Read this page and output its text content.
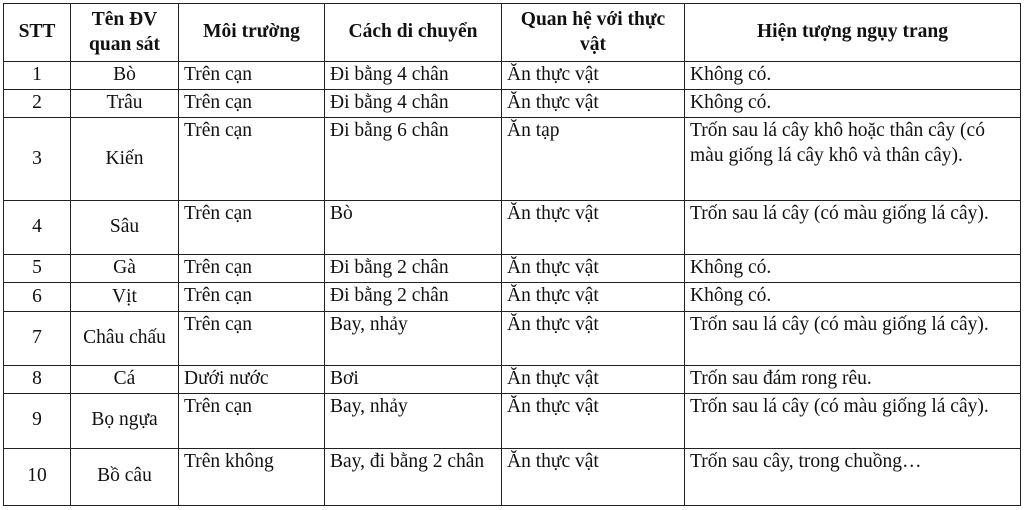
STT	Tên ĐV quan sát	Môi trường	Cách di chuyển	Quan hệ với thực vật	Hiện tượng ngụy trang
1	Bò	Trên cạn	Đi bằng 4 chân	Ăn thực vật	Không có.
2	Trâu	Trên cạn	Đi bằng 4 chân	Ăn thực vật	Không có.
3	Kiến	Trên cạn	Đi bằng 6 chân	Ăn tạp	Trốn sau lá cây khô hoặc thân cây (có màu giống lá cây khô và thân cây).
4	Sâu	Trên cạn	Bò	Ăn thực vật	Trốn sau lá cây (có màu giống lá cây).
5	Gà	Trên cạn	Đi bằng 2 chân	Ăn thực vật	Không có.
6	Vịt	Trên cạn	Đi bằng 2 chân	Ăn thực vật	Không có.
7	Châu chấu	Trên cạn	Bay, nhảy	Ăn thực vật	Trốn sau lá cây (có màu giống lá cây).
8	Cá	Dưới nước	Bơi	Ăn thực vật	Trốn sau đám rong rêu.
9	Bọ ngựa	Trên cạn	Bay, nhảy	Ăn thực vật	Trốn sau lá cây (có màu giống lá cây).
10	Bồ câu	Trên không	Bay, đi bằng 2 chân	Ăn thực vật	Trốn sau cây, trong chuồng…
